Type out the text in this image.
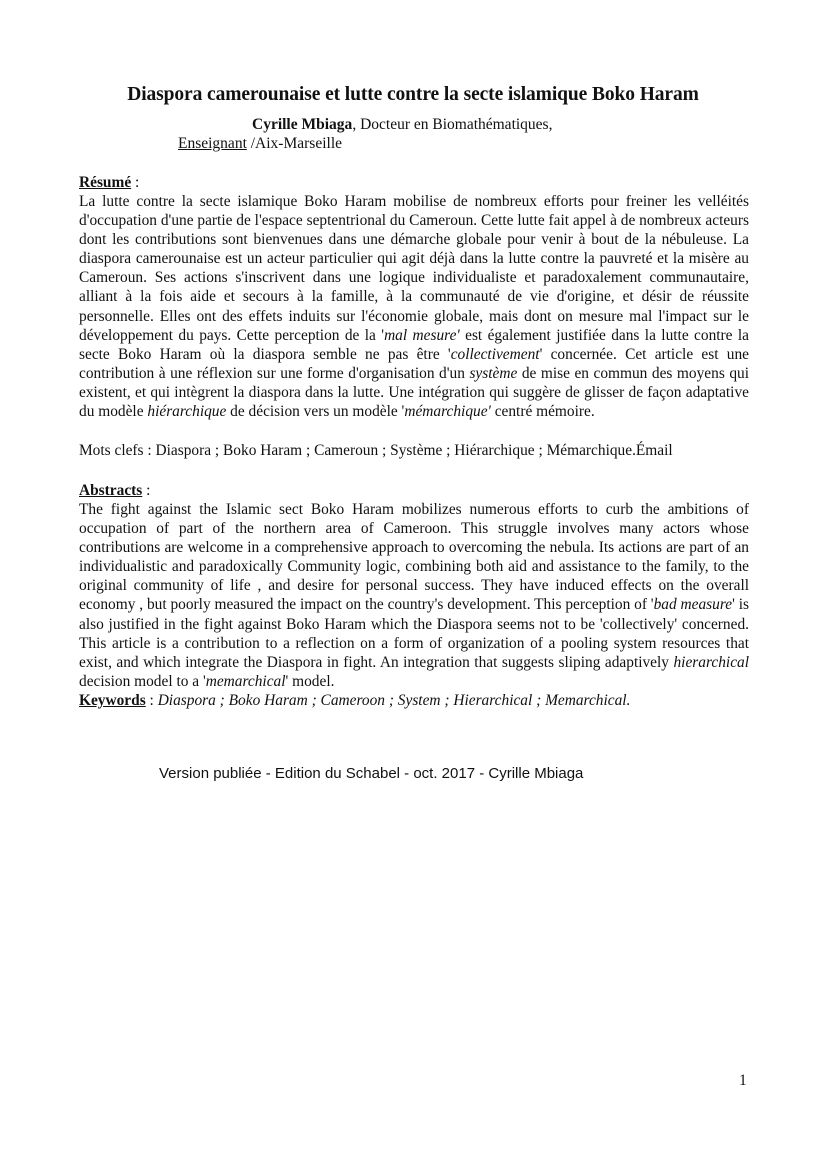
Diaspora camerounaise et lutte contre la secte islamique Boko Haram
Cyrille Mbiaga, Docteur en Biomathématiques,
Enseignant /Aix-Marseille
Résumé :
La lutte contre la secte islamique Boko Haram mobilise de nombreux efforts pour freiner les velléités d'occupation d'une partie de l'espace septentrional du Cameroun. Cette lutte fait appel à de nombreux acteurs dont les contributions sont bienvenues dans une démarche globale pour venir à bout de la nébuleuse. La diaspora camerounaise est un acteur particulier qui agit déjà dans la lutte contre la pauvreté et la misère au Cameroun. Ses actions s'inscrivent dans une logique individualiste et paradoxalement communautaire, alliant à la fois aide et secours à la famille, à la communauté de vie d'origine, et désir de réussite personnelle. Elles ont des effets induits sur l'économie globale, mais dont on mesure mal l'impact sur le développement du pays. Cette perception de la 'mal mesure' est également justifiée dans la lutte contre la secte Boko Haram où la diaspora semble ne pas être 'collectivement' concernée. Cet article est une contribution à une réflexion sur une forme d'organisation d'un système de mise en commun des moyens qui existent, et qui intègrent la diaspora dans la lutte. Une intégration qui suggère de glisser de façon adaptative du modèle hiérarchique de décision vers un modèle 'mémarchique' centré mémoire.
Mots clefs : Diaspora ; Boko Haram ; Cameroun ; Système ; Hiérarchique ; Mémarchique.Émail
Abstracts :
The fight against the Islamic sect Boko Haram mobilizes numerous efforts to curb the ambitions of occupation of part of the northern area of Cameroon. This struggle involves many actors whose contributions are welcome in a comprehensive approach to overcoming the nebula. Its actions are part of an individualistic and paradoxically Community logic, combining both aid and assistance to the family, to the original community of life , and desire for personal success. They have induced effects on the overall economy , but poorly measured the impact on the country's development. This perception of 'bad measure' is also justified in the fight against Boko Haram which the Diaspora seems not to be 'collectively' concerned. This article is a contribution to a reflection on a form of organization of a pooling system resources that exist, and which integrate the Diaspora in fight. An integration that suggests sliping adaptively hierarchical decision model to a 'memarchical' model.
Keywords : Diaspora ; Boko Haram ; Cameroon ; System ; Hierarchical ; Memarchical.
Version publiée - Edition du Schabel - oct. 2017 - Cyrille Mbiaga
1
